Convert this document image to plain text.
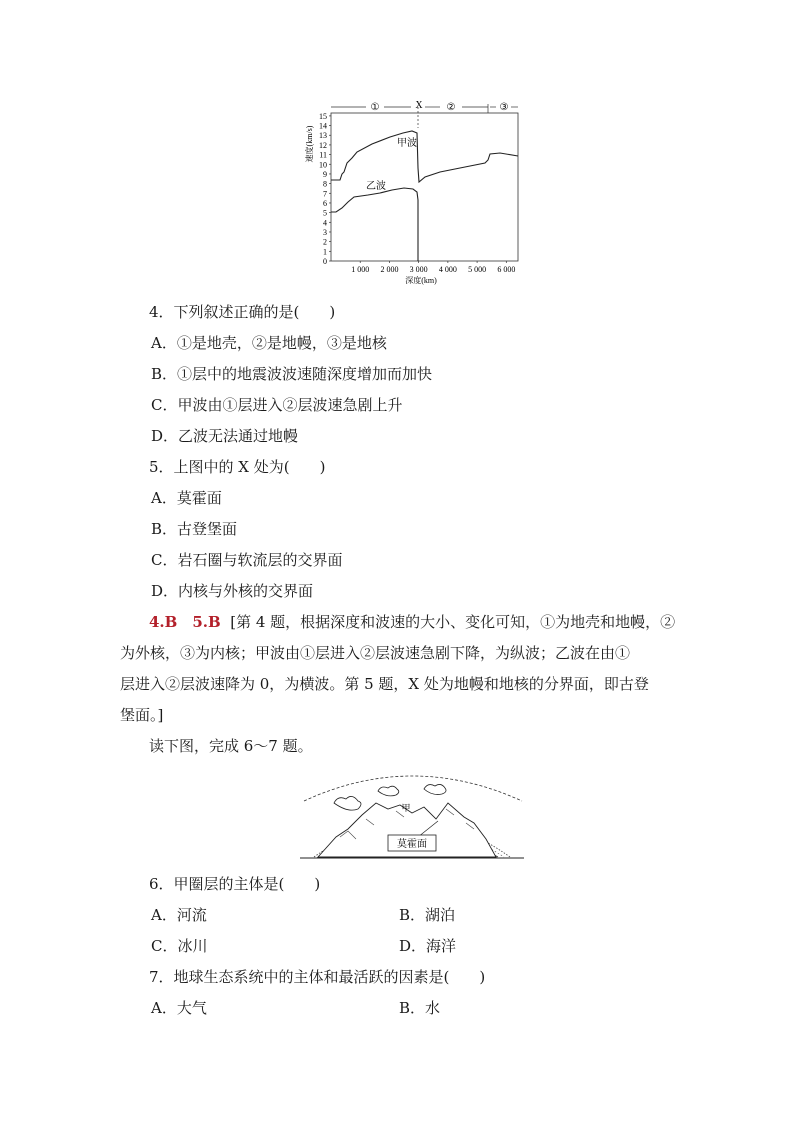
速度(km/s)
0
1
2
3
4
5
6
7
8
9
10
11
12
13
14
15
1 000 2 000 3 000 4 000 5 000 6 000
①	X ②	③
甲波
乙波
深度(km)
4．下列叙述正确的是(　　)
A．①是地壳，②是地幔，③是地核
B．①层中的地震波波速随深度增加而加快
C．甲波由①层进入②层波速急剧上升
D．乙波无法通过地幔
5．上图中的 X 处为(　　)
A．莫霍面
B．古登堡面
C．岩石圈与软流层的交界面
D．内核与外核的交界面
4.B　5.B [第 4 题，根据深度和波速的大小、变化可知，①为地壳和地幔，②
为外核，③为内核；甲波由①层进入②层波速急剧下降，为纵波；乙波在由①
层进入②层波速降为 0，为横波。第 5 题，X 处为地幔和地核的分界面，即古登
堡面。]
读下图，完成 6～7 题。
甲
莫霍面
6．甲圈层的主体是(　　)
A．河流	B．湖泊
C．冰川	D．海洋
7．地球生态系统中的主体和最活跃的因素是(　　)
A．大气	B．水
